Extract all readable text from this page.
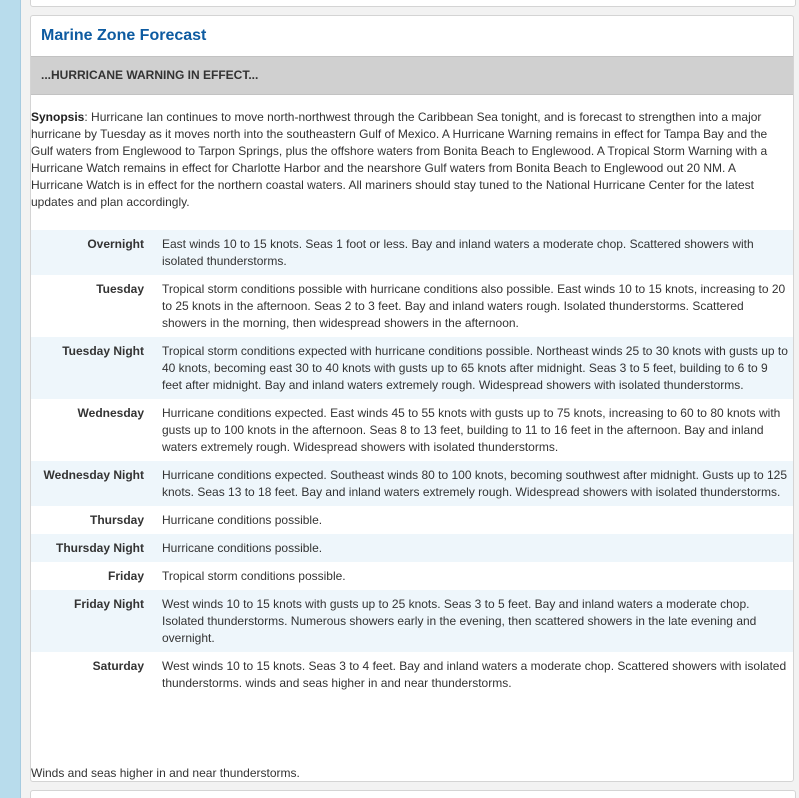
Marine Zone Forecast
...HURRICANE WARNING IN EFFECT...

Synopsis: Hurricane Ian continues to move north-northwest through the Caribbean Sea tonight, and is forecast to strengthen into a major hurricane by Tuesday as it moves north into the southeastern Gulf of Mexico. A Hurricane Warning remains in effect for Tampa Bay and the Gulf waters from Englewood to Tarpon Springs, plus the offshore waters from Bonita Beach to Englewood. A Tropical Storm Warning with a Hurricane Watch remains in effect for Charlotte Harbor and the nearshore Gulf waters from Bonita Beach to Englewood out 20 NM. A Hurricane Watch is in effect for the northern coastal waters. All mariners should stay tuned to the National Hurricane Center for the latest updates and plan accordingly.

Overnight East winds 10 to 15 knots. Seas 1 foot or less. Bay and inland waters a moderate chop. Scattered showers with isolated thunderstorms.
Tuesday Tropical storm conditions possible with hurricane conditions also possible. East winds 10 to 15 knots, increasing to 20 to 25 knots in the afternoon. Seas 2 to 3 feet. Bay and inland waters rough. Isolated thunderstorms. Scattered showers in the morning, then widespread showers in the afternoon.
Tuesday Night Tropical storm conditions expected with hurricane conditions possible. Northeast winds 25 to 30 knots with gusts up to 40 knots, becoming east 30 to 40 knots with gusts up to 65 knots after midnight. Seas 3 to 5 feet, building to 6 to 9 feet after midnight. Bay and inland waters extremely rough. Widespread showers with isolated thunderstorms.
Wednesday Hurricane conditions expected. East winds 45 to 55 knots with gusts up to 75 knots, increasing to 60 to 80 knots with gusts up to 100 knots in the afternoon. Seas 8 to 13 feet, building to 11 to 16 feet in the afternoon. Bay and inland waters extremely rough. Widespread showers with isolated thunderstorms.
Wednesday Night Hurricane conditions expected. Southeast winds 80 to 100 knots, becoming southwest after midnight. Gusts up to 125 knots. Seas 13 to 18 feet. Bay and inland waters extremely rough. Widespread showers with isolated thunderstorms.
Thursday Hurricane conditions possible.
Thursday Night Hurricane conditions possible.
Friday Tropical storm conditions possible.
Friday Night West winds 10 to 15 knots with gusts up to 25 knots. Seas 3 to 5 feet. Bay and inland waters a moderate chop. Isolated thunderstorms. Numerous showers early in the evening, then scattered showers in the late evening and overnight.
Saturday West winds 10 to 15 knots. Seas 3 to 4 feet. Bay and inland waters a moderate chop. Scattered showers with isolated thunderstorms. winds and seas higher in and near thunderstorms.
Winds and seas higher in and near thunderstorms.
